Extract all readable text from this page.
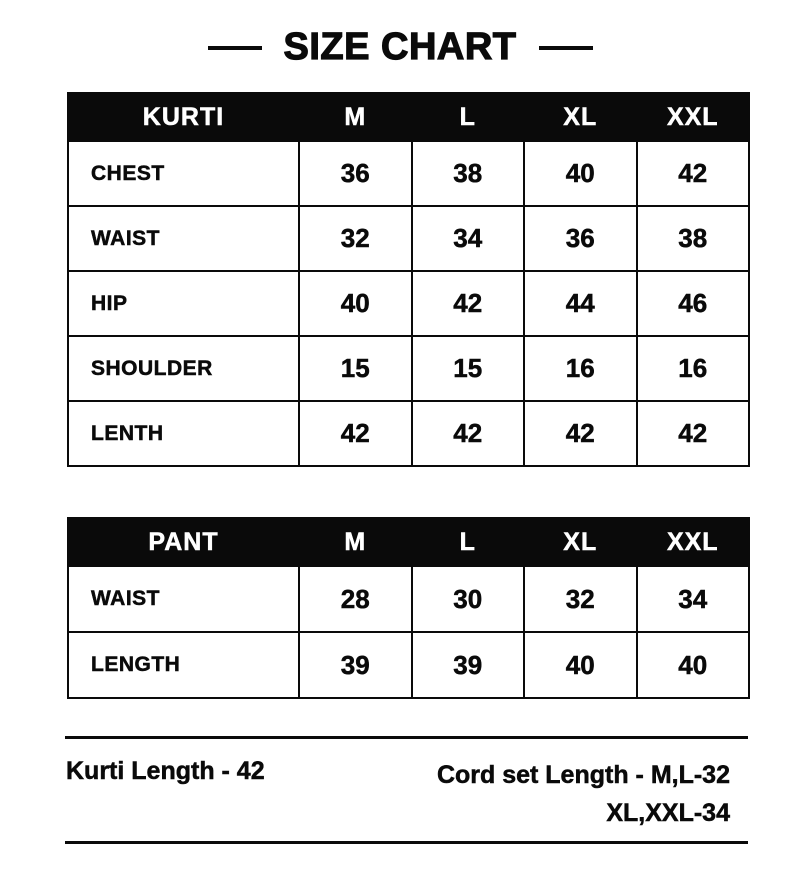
SIZE CHART
KURTI	M	L	XL	XXL
CHEST	36	38	40	42
WAIST	32	34	36	38
HIP	40	42	44	46
SHOULDER	15	15	16	16
LENTH	42	42	42	42
PANT	M	L	XL	XXL
WAIST	28	30	32	34
LENGTH	39	39	40	40
Kurti Length - 42	Cord set Length - M,L-32
XL,XXL-34
